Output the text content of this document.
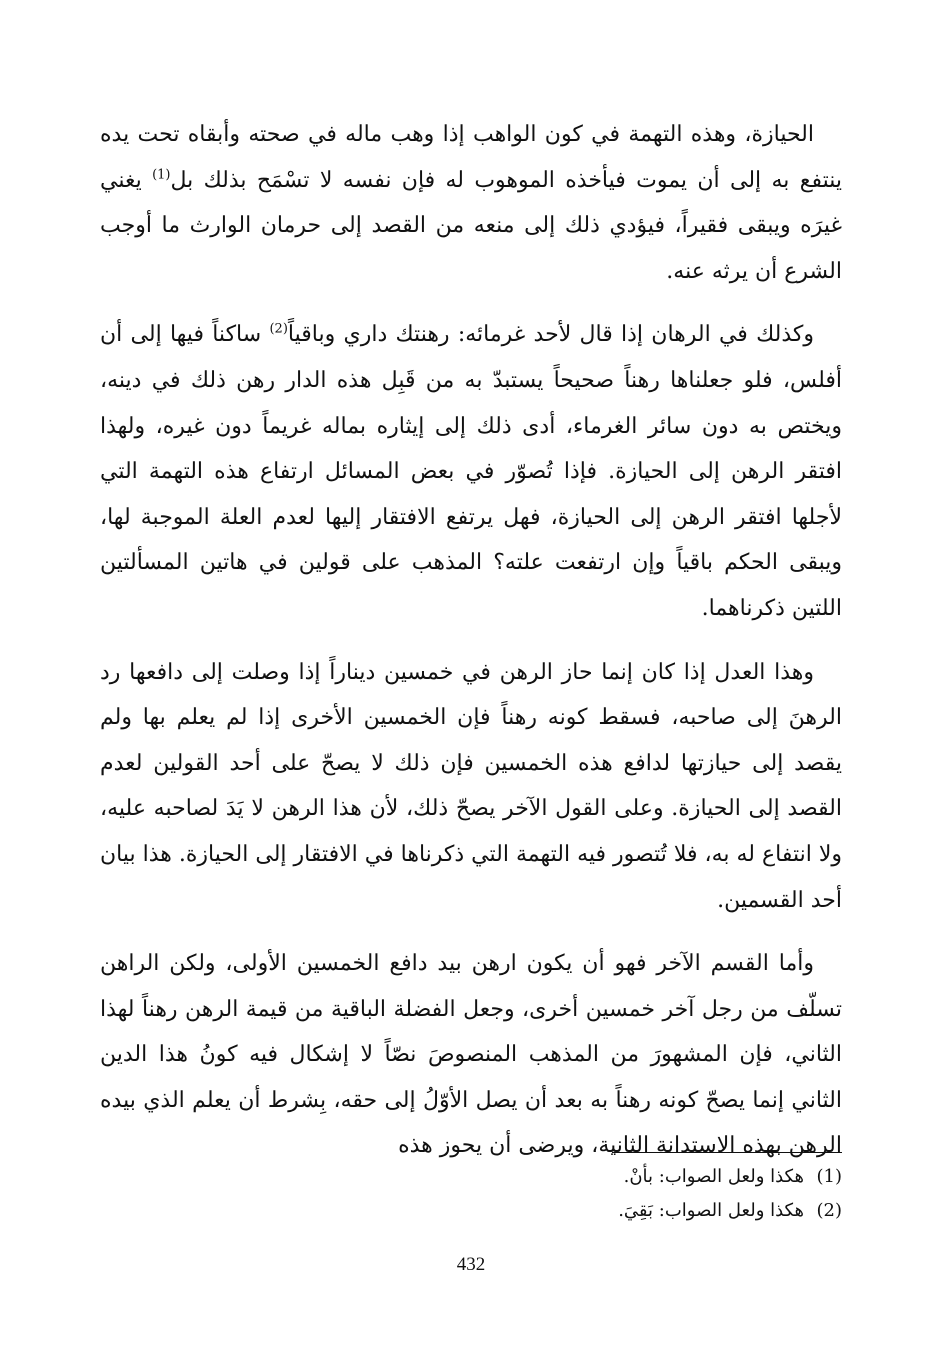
الحيازة، وهذه التهمة في كون الواهب إذا وهب ماله في صحته وأبقاه تحت يده ينتفع به إلى أن يموت فيأخذه الموهوب له فإن نفسه لا تسْمَح بذلك بل$^{(1)}$ يغني غيرَه ويبقى فقيراً، فيؤدي ذلك إلى منعه من القصد إلى حرمان الوارث ما أوجب الشرع أن يرثه عنه.

وكذلك في الرهان إذا قال لأحد غرمائه: رهنتك داري وباقياً$^{(2)}$ ساكناً فيها إلى أن أفلس، فلو جعلناها رهناً صحيحاً يستبدّ به من قَبِل هذه الدار رهن ذلك في دينه، ويختص به دون سائر الغرماء، أدى ذلك إلى إيثاره بماله غريماً دون غيره، ولهذا افتقر الرهن إلى الحيازة. فإذا تُصوّر في بعض المسائل ارتفاع هذه التهمة التي لأجلها افتقر الرهن إلى الحيازة، فهل يرتفع الافتقار إليها لعدم العلة الموجبة لها، ويبقى الحكم باقياً وإن ارتفعت علته؟ المذهب على قولين في هاتين المسألتين اللتين ذكرناهما.

وهذا العدل إذا كان إنما حاز الرهن في خمسين ديناراً إذا وصلت إلى دافعها رد الرهنَ إلى صاحبه، فسقط كونه رهناً فإن الخمسين الأخرى إذا لم يعلم بها ولم يقصد إلى حيازتها لدافع هذه الخمسين فإن ذلك لا يصحّ على أحد القولين لعدم القصد إلى الحيازة. وعلى القول الآخر يصحّ ذلك، لأن هذا الرهن لا يَدَ لصاحبه عليه، ولا انتفاع له به، فلا تُتصور فيه التهمة التي ذكرناها في الافتقار إلى الحيازة. هذا بيان أحد القسمين.

وأما القسم الآخر فهو أن يكون ارهن بيد دافع الخمسين الأولى، ولكن الراهن تسلّف من رجل آخر خمسين أخرى، وجعل الفضلة الباقية من قيمة الرهن رهناً لهذا الثاني، فإن المشهورَ من المذهب المنصوصَ نصّاً لا إشكال فيه كونُ هذا الدين الثاني إنما يصحّ كونه رهناً به بعد أن يصل الأوّلُ إلى حقه، بِشرط أن يعلم الذي بيده الرهن بهذه الاستدانة الثانية، ويرضى أن يحوز هذه

(1)هكذا ولعل الصواب: بأنْ.
(2)هكذا ولعل الصواب: بَقِيَ.
432
